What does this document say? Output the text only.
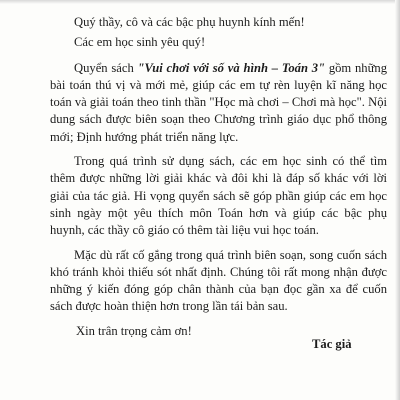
Quý thầy, cô và các bậc phụ huynh kính mến!

Các em học sinh yêu quý!

Quyển sách "Vui chơi với số và hình – Toán 3" gồm những bài toán thú vị và mới mẻ, giúp các em tự rèn luyện kĩ năng học toán và giải toán theo tinh thần "Học mà chơi – Chơi mà học". Nội dung sách được biên soạn theo Chương trình giáo dục phổ thông mới; Định hướng phát triển năng lực.

Trong quá trình sử dụng sách, các em học sinh có thể tìm thêm được những lời giải khác và đôi khi là đáp số khác với lời giải của tác giả. Hi vọng quyển sách sẽ góp phần giúp các em học sinh ngày một yêu thích môn Toán hơn và giúp các bậc phụ huynh, các thầy cô giáo có thêm tài liệu vui học toán.

Mặc dù rất cố gắng trong quá trình biên soạn, song cuốn sách khó tránh khỏi thiếu sót nhất định. Chúng tôi rất mong nhận được những ý kiến đóng góp chân thành của bạn đọc gần xa để cuốn sách được hoàn thiện hơn trong lần tái bản sau.

Xin trân trọng cảm ơn!
Tác giả
